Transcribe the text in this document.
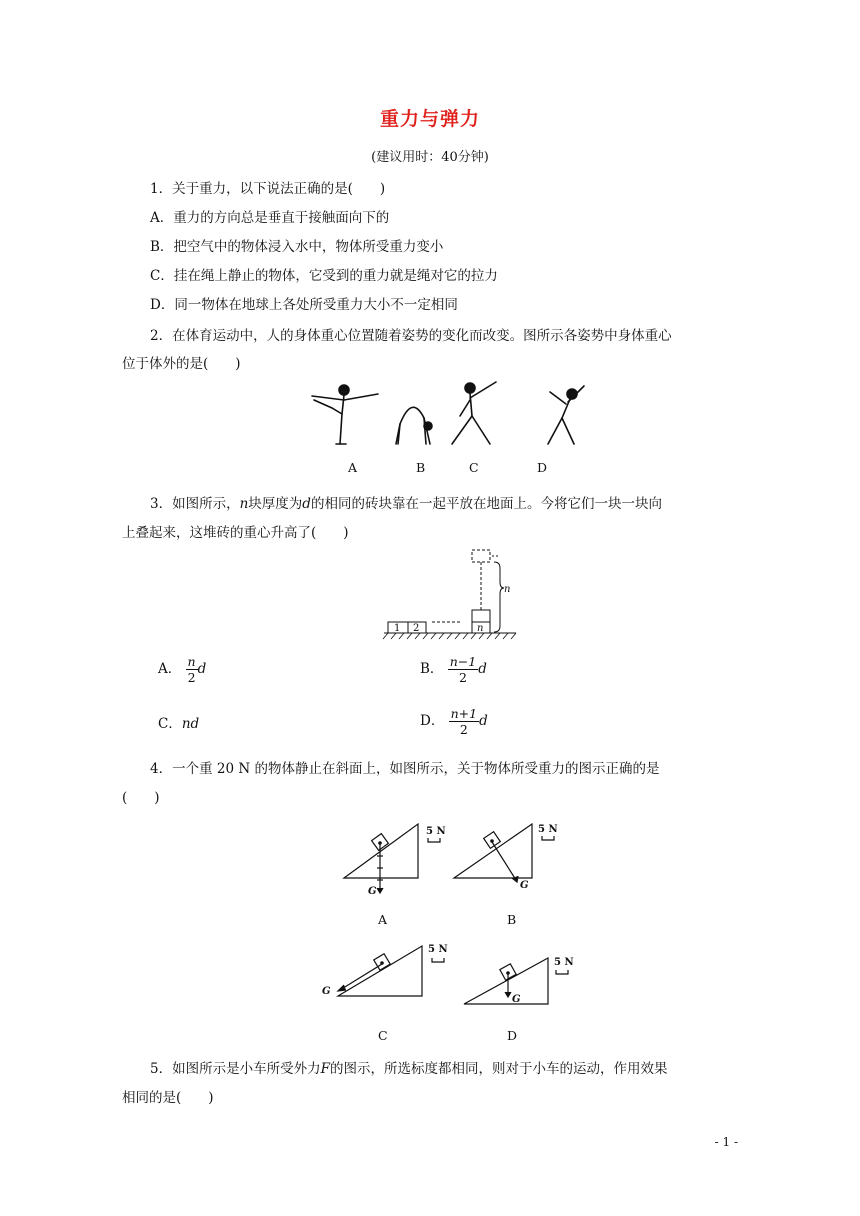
重力与弹力
(建议用时：40分钟)
1．关于重力，以下说法正确的是(　　)
A．重力的方向总是垂直于接触面向下的
B．把空气中的物体浸入水中，物体所受重力变小
C．挂在绳上静止的物体，它受到的重力就是绳对它的拉力
D．同一物体在地球上各处所受重力大小不一定相同
2．在体育运动中，人的身体重心位置随着姿势的变化而改变。图所示各姿势中身体重心
位于体外的是(　　)
A	B	C	D
3．如图所示，n块厚度为d的相同的砖块靠在一起平放在地面上。今将它们一块一块向
上叠起来，这堆砖的重心升高了(　　)
1 2	n
n
A． $\frac{n}{2}$ d	B． $\frac{n-1}{2}$ d
C．nd	D． $\frac{n+1}{2}$ d
4．一个重 20 N 的物体静止在斜面上，如图所示，关于物体所受重力的图示正确的是
(　　)
5 N
G
5 N
G
A	B
5 N
G
5 N
G
C	D
5．如图所示是小车所受外力F的图示，所选标度都相同，则对于小车的运动，作用效果
相同的是(　　)
- 1 -
